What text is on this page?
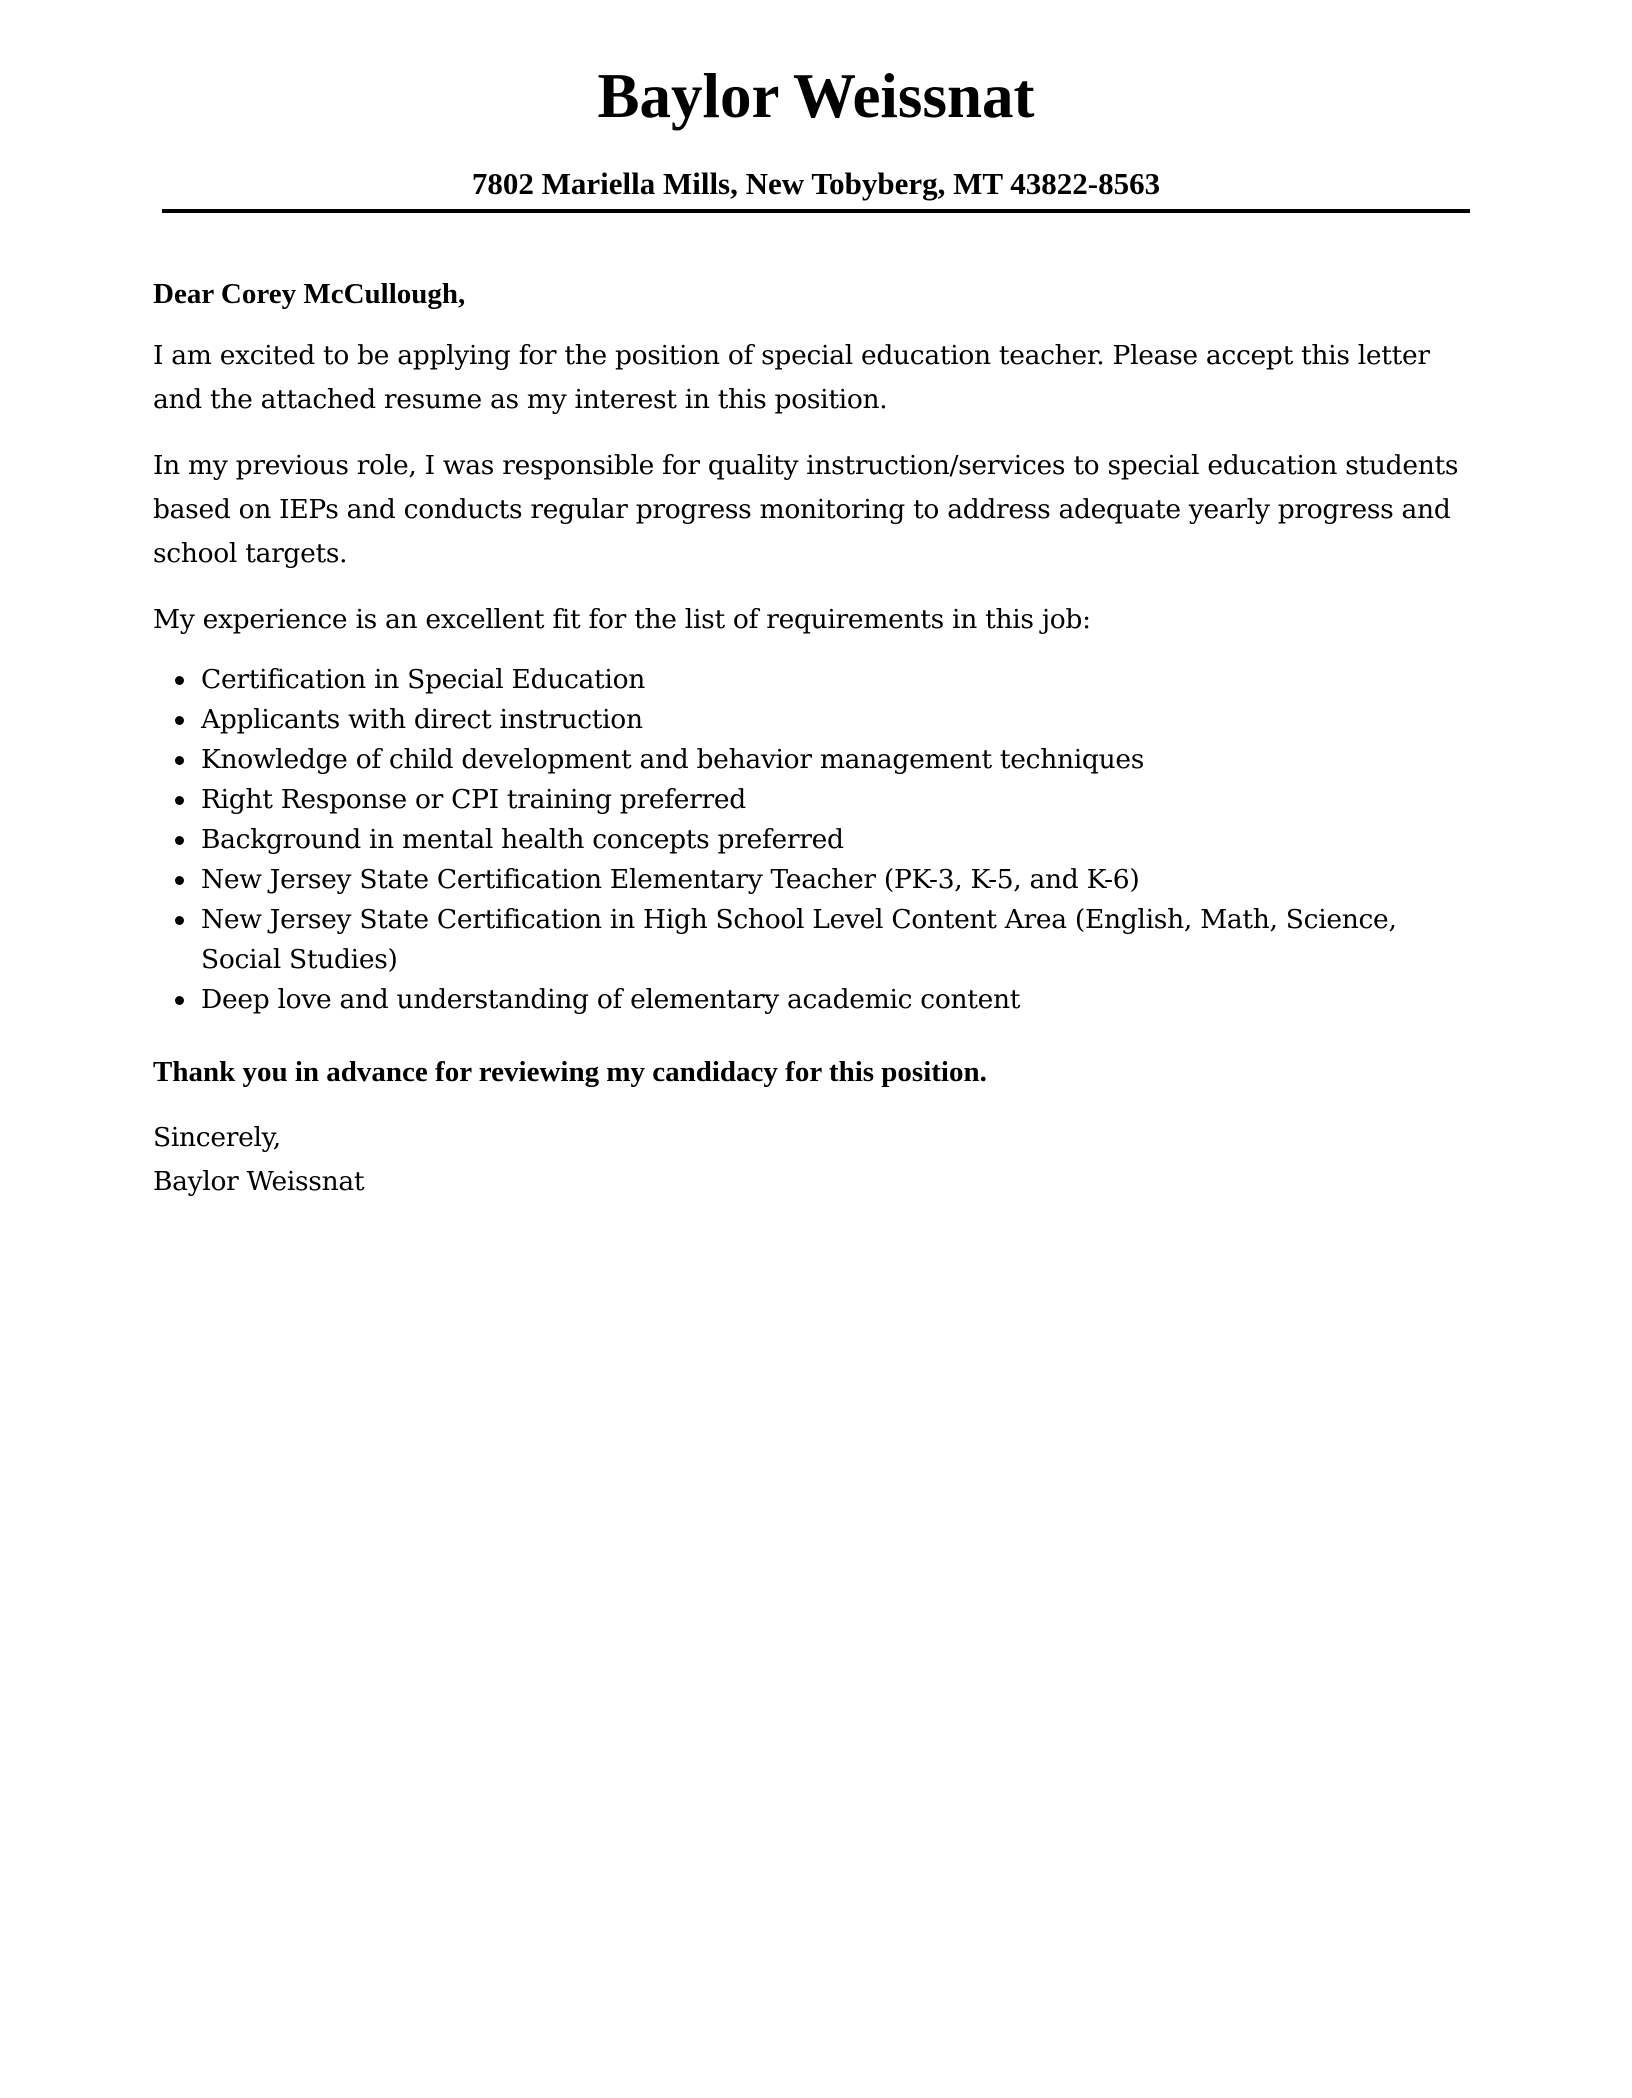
Baylor Weissnat
7802 Mariella Mills, New Tobyberg, MT 43822-8563

Dear Corey McCullough,

I am excited to be applying for the position of special education teacher. Please accept this letter and the attached resume as my interest in this position.

In my previous role, I was responsible for quality instruction/services to special education students based on IEPs and conducts regular progress monitoring to address adequate yearly progress and school targets.

My experience is an excellent fit for the list of requirements in this job:

Certification in Special Education
Applicants with direct instruction
Knowledge of child development and behavior management techniques
Right Response or CPI training preferred
Background in mental health concepts preferred
New Jersey State Certification Elementary Teacher (PK-3, K-5, and K-6)
New Jersey State Certification in High School Level Content Area (English, Math, Science, Social Studies)
Deep love and understanding of elementary academic content

Thank you in advance for reviewing my candidacy for this position.

Sincerely,

Baylor Weissnat
